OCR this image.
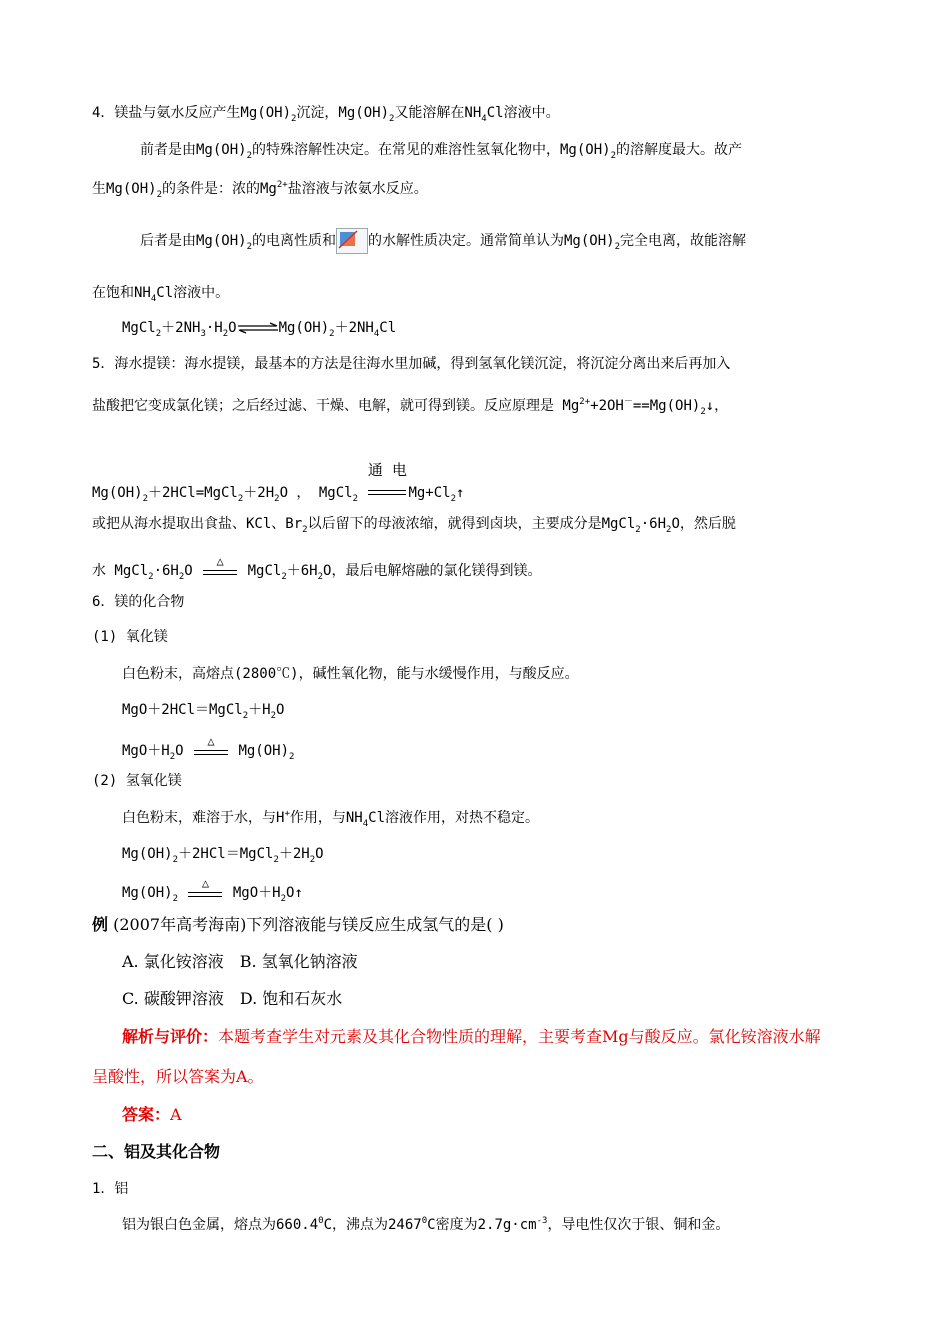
4．镁盐与氨水反应产生$Mg(OH)_2$沉淀，$Mg(OH)_2$又能溶解在$NH_4Cl$溶液中。
前者是由$Mg(OH)_2$的特殊溶解性决定。在常见的难溶性氢氧化物中，$Mg(OH)_2$的溶解度最大。故产
生$Mg(OH)_2$的条件是：浓的$Mg^{2+}$盐溶液与浓氨水反应。
后者是由$Mg(OH)_2$的电离性质和 的水解性质决定。通常简单认为$Mg(OH)_2$完全电离，故能溶解
在饱和$NH_4Cl$溶液中。
$MgCl_2+2NH_3\cdot H_2O\rightleftharpoons Mg(OH)_2+2NH_4Cl$
5．海水提镁：海水提镁，最基本的方法是往海水里加碱，得到氢氧化镁沉淀，将沉淀分离出来后再加入
盐酸把它变成氯化镁；之后经过滤、干燥、电解，就可得到镁。反应原理是 $Mg^{2+}+2OH^-==Mg(OH)_2↓$，
$Mg(OH)_2+2HCl=MgCl_2+2H_2O$ ， MgCl$_2$
通 电
$Mg+Cl_2↑$
或把从海水提取出食盐、KCl、$Br_2$以后留下的母液浓缩，就得到卤块，主要成分是$MgCl_2\cdot 6H_2O$，然后脱
水 $MgCl_2\cdot 6H_2O$
△
$MgCl_2+6H_2O$，最后电解熔融的氯化镁得到镁。
6．镁的化合物
(1) 氧化镁
白色粉末，高熔点(2800℃)，碱性氧化物，能与水缓慢作用，与酸反应。
$MgO+2HCl=MgCl_2+H_2O$
$MgO+H_2O$
△
$Mg(OH)_2$
(2) 氢氧化镁
白色粉末，难溶于水，与H+作用，与$NH_4Cl$溶液作用，对热不稳定。
$Mg(OH)_2+2HCl=MgCl_2+2H_2O$
$Mg(OH)_2$
△
$MgO+H_2O↑$
例 (2007年高考海南)下列溶液能与镁反应生成氢气的是( )
A. 氯化铵溶液 B. 氢氧化钠溶液
C. 碳酸钾溶液 D. 饱和石灰水
解析与评价：本题考查学生对元素及其化合物性质的理解，主要考查Mg与酸反应。氯化铵溶液水解
呈酸性，所以答案为A。
答案：A
二、铝及其化合物
1．铝
铝为银白色金属，熔点为660.4$^0$C，沸点为2467$^0$C密度为$2.7g\cdot cm^{-3}$，导电性仅次于银、铜和金。
